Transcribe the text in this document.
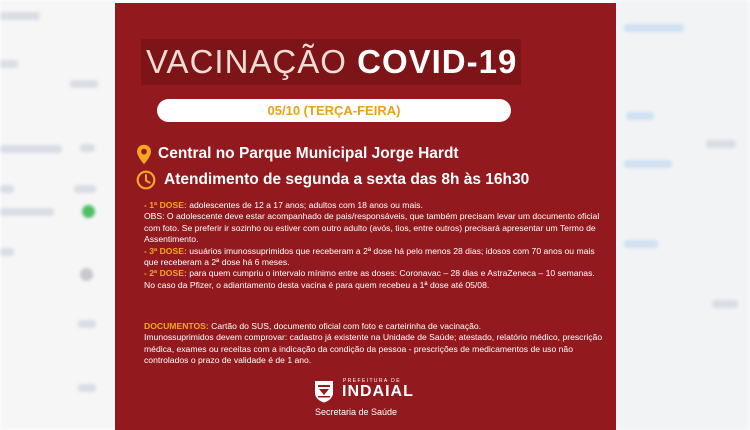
VACINAÇÃO COVID-19
05/10 (TERÇA-FEIRA)
Central no Parque Municipal Jorge Hardt
Atendimento de segunda a sexta das 8h às 16h30

- 1ª DOSE: adolescentes de 12 a 17 anos; adultos com 18 anos ou mais.

OBS: O adolescente deve estar acompanhado de pais/responsáveis, que também precisam levar um documento oficial com foto. Se preferir ir sozinho ou estiver com outro adulto (avós, tios, entre outros) precisará apresentar um Termo de Assentimento.

- 3ª DOSE: usuários imunossuprimidos que receberam a 2ª dose há pelo menos 28 dias; idosos com 70 anos ou mais que receberam a 2ª dose há 6 meses.

- 2ª DOSE: para quem cumpriu o intervalo mínimo entre as doses: Coronavac – 28 dias e AstraZeneca – 10 semanas. No caso da Pfizer, o adiantamento desta vacina é para quem recebeu a 1ª dose até 05/08.

DOCUMENTOS: Cartão do SUS, documento oficial com foto e carteirinha de vacinação.

Imunossuprimidos devem comprovar: cadastro já existente na Unidade de Saúde; atestado, relatório médico, prescrição médica, exames ou receitas com a indicação da condição da pessoa - prescrições de medicamentos de uso não controlados o prazo de validade é de 1 ano.

PREFEITURA DE
INDAIAL
Secretaria de Saúde
